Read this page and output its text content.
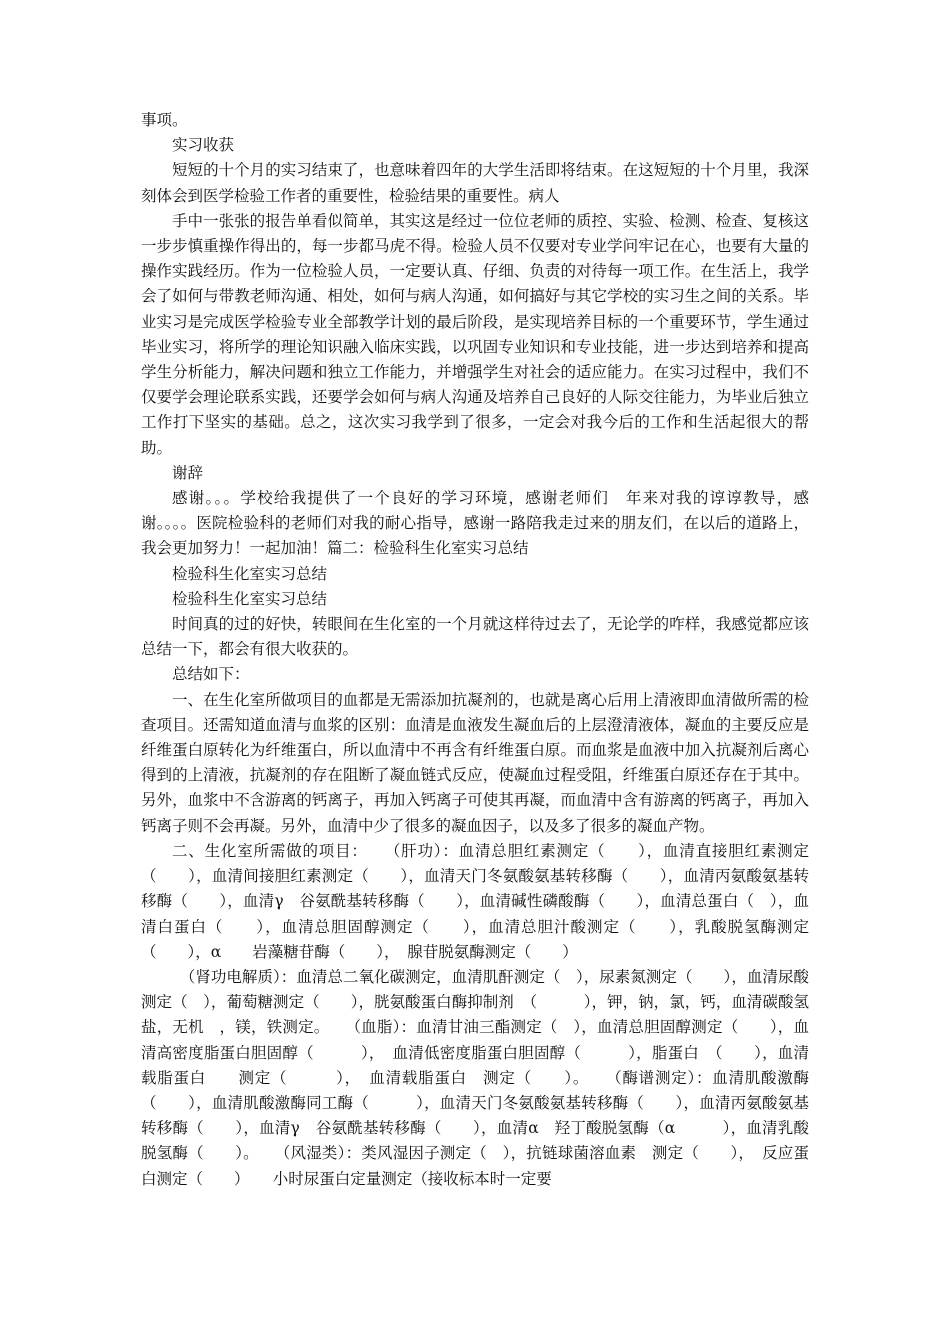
事项。

实习收获

短短的十个月的实习结束了，也意味着四年的大学生活即将结束。在这短短的十个月里，我深刻体会到医学检验工作者的重要性，检验结果的重要性。病人

手中一张张的报告单看似简单，其实这是经过一位位老师的质控、实验、检测、检查、复核这一步步慎重操作得出的，每一步都马虎不得。检验人员不仅要对专业学问牢记在心，也要有大量的操作实践经历。作为一位检验人员，一定要认真、仔细、负责的对待每一项工作。在生活上，我学会了如何与带教老师沟通、相处，如何与病人沟通，如何搞好与其它学校的实习生之间的关系。毕业实习是完成医学检验专业全部教学计划的最后阶段，是实现培养目标的一个重要环节，学生通过毕业实习，将所学的理论知识融入临床实践，以巩固专业知识和专业技能，进一步达到培养和提高学生分析能力，解决问题和独立工作能力，并增强学生对社会的适应能力。在实习过程中，我们不仅要学会理论联系实践，还要学会如何与病人沟通及培养自己良好的人际交往能力，为毕业后独立工作打下坚实的基础。总之，这次实习我学到了很多，一定会对我今后的工作和生活起很大的帮助。

谢辞

感谢。。。学校给我提供了一个良好的学习环境，感谢老师们　年来对我的谆谆教导，感谢。。。。医院检验科的老师们对我的耐心指导，感谢一路陪我走过来的朋友们，在以后的道路上，我会更加努力！一起加油！篇二：检验科生化室实习总结

检验科生化室实习总结

检验科生化室实习总结

时间真的过的好快，转眼间在生化室的一个月就这样待过去了，无论学的咋样，我感觉都应该总结一下，都会有很大收获的。

总结如下：

一、在生化室所做项目的血都是无需添加抗凝剂的，也就是离心后用上清液即血清做所需的检查项目。还需知道血清与血浆的区别：血清是血液发生凝血后的上层澄清液体，凝血的主要反应是纤维蛋白原转化为纤维蛋白，所以血清中不再含有纤维蛋白原。而血浆是血液中加入抗凝剂后离心得到的上清液，抗凝剂的存在阻断了凝血链式反应，使凝血过程受阻，纤维蛋白原还存在于其中。另外，血浆中不含游离的钙离子，再加入钙离子可使其再凝，而血清中含有游离的钙离子，再加入钙离子则不会再凝。另外，血清中少了很多的凝血因子，以及多了很多的凝血产物。

二、生化室所需做的项目：　　（肝功）：血清总胆红素测定（　　），血清直接胆红素测定（　　），血清间接胆红素测定（　　），血清天门冬氨酸氨基转移酶（　　），血清丙氨酸氨基转移酶（　　），血清γ　谷氨酰基转移酶（　　），血清碱性磷酸酶（　　），血清总蛋白（　），血清白蛋白（　　），血清总胆固醇测定（　　），血清总胆汁酸测定（　　），乳酸脱氢酶测定（　　），α　　岩藻糖苷酶（　　），　腺苷脱氨酶测定（　　）

　（肾功电解质）：血清总二氧化碳测定，血清肌酐测定（　），尿素氮测定（　　），血清尿酸测定（　），葡萄糖测定（　　），胱氨酸蛋白酶抑制剂　（　　　），钾，钠，氯，钙，血清碳酸氢盐，无机　，镁，铁测定。　　（血脂）：血清甘油三酯测定（　），血清总胆固醇测定（　　），血清高密度脂蛋白胆固醇（　　　），　血清低密度脂蛋白胆固醇（　　　），脂蛋白　（　　），血清载脂蛋白　　测定（　　　），　血清载脂蛋白　测定（　　）。　　（酶谱测定）：血清肌酸激酶（　　），血清肌酸激酶同工酶（　　　），血清天门冬氨酸氨基转移酶（　　），血清丙氨酸氨基转移酶（　　），血清γ　谷氨酰基转移酶（　　），血清α　羟丁酸脱氢酶（α　　　），血清乳酸脱氢酶（　　）。　　（风湿类）：类风湿因子测定（　），抗链球菌溶血素　测定（　　），　反应蛋白测定（　　）　　小时尿蛋白定量测定（接收标本时一定要
